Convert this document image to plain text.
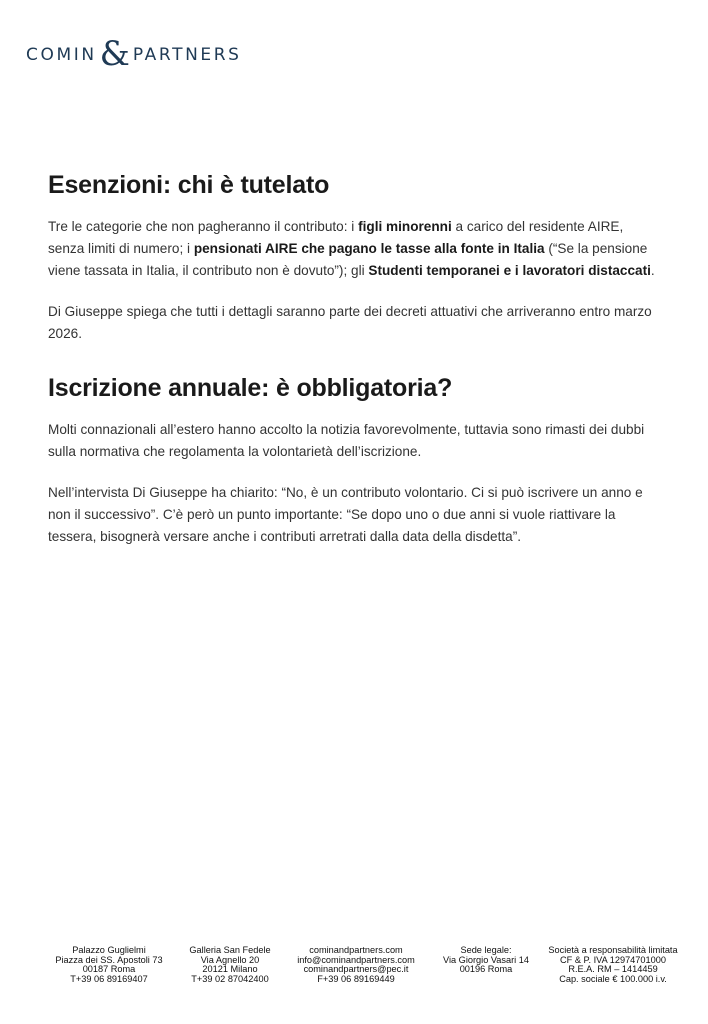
COMIN & PARTNERS
Esenzioni: chi è tutelato

Tre le categorie che non pagheranno il contributo: i figli minorenni a carico del residente AIRE, senza limiti di numero; i pensionati AIRE che pagano le tasse alla fonte in Italia (“Se la pensione viene tassata in Italia, il contributo non è dovuto”); gli Studenti temporanei e i lavoratori distaccati.

Di Giuseppe spiega che tutti i dettagli saranno parte dei decreti attuativi che arriveranno entro marzo 2026.

Iscrizione annuale: è obbligatoria?

Molti connazionali all’estero hanno accolto la notizia favorevolmente, tuttavia sono rimasti dei dubbi sulla normativa che regolamenta la volontarietà dell’iscrizione.

Nell’intervista Di Giuseppe ha chiarito: “No, è un contributo volontario. Ci si può iscrivere un anno e non il successivo”. C’è però un punto importante: “Se dopo uno o due anni si vuole riattivare la tessera, bisognerà versare anche i contributi arretrati dalla data della disdetta”.

Palazzo Guglielmi
Piazza dei SS. Apostoli 73
00187 Roma
T+39 06 89169407
Galleria San Fedele
Via Agnello 20
20121 Milano
T+39 02 87042400
cominandpartners.com
info@cominandpartners.com
cominandpartners@pec.it
F+39 06 89169449
Sede legale:
Via Giorgio Vasari 14
00196 Roma
Società a responsabilità limitata
CF & P. IVA 12974701000
R.E.A. RM – 1414459
Cap. sociale € 100.000 i.v.
